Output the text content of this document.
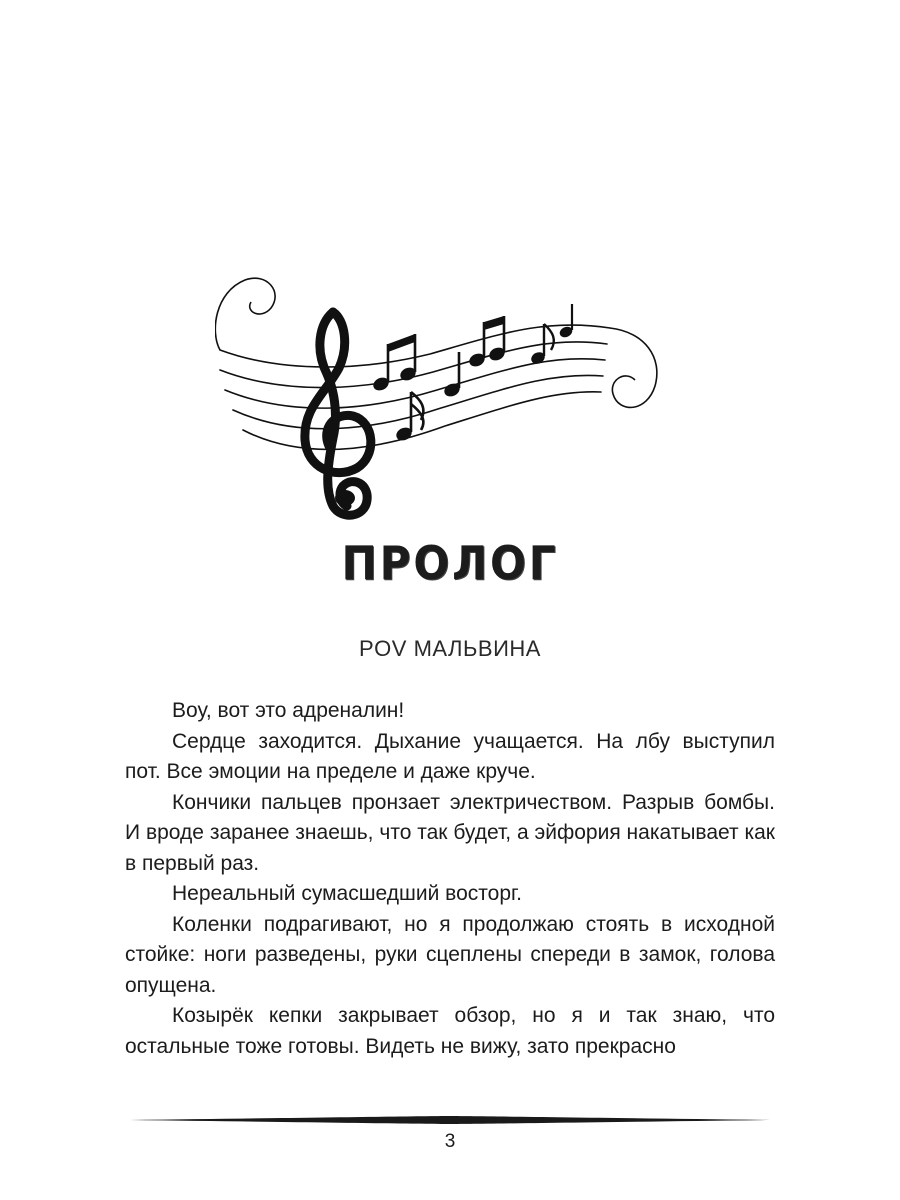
ПРОЛОГ
POV МАЛЬВИНА

Воу, вот это адреналин!

Сердце заходится. Дыхание учащается. На лбу выступил пот. Все эмоции на пределе и даже круче.

Кончики пальцев пронзает электричеством. Разрыв бомбы. И вроде заранее знаешь, что так будет, а эйфория накатывает как в первый раз.

Нереальный сумасшедший восторг.

Коленки подрагивают, но я продолжаю стоять в исходной стойке: ноги разведены, руки сцеплены спереди в замок, голова опущена.

Козырёк кепки закрывает обзор, но я и так знаю, что остальные тоже готовы. Видеть не вижу, зато прекрасно

3
